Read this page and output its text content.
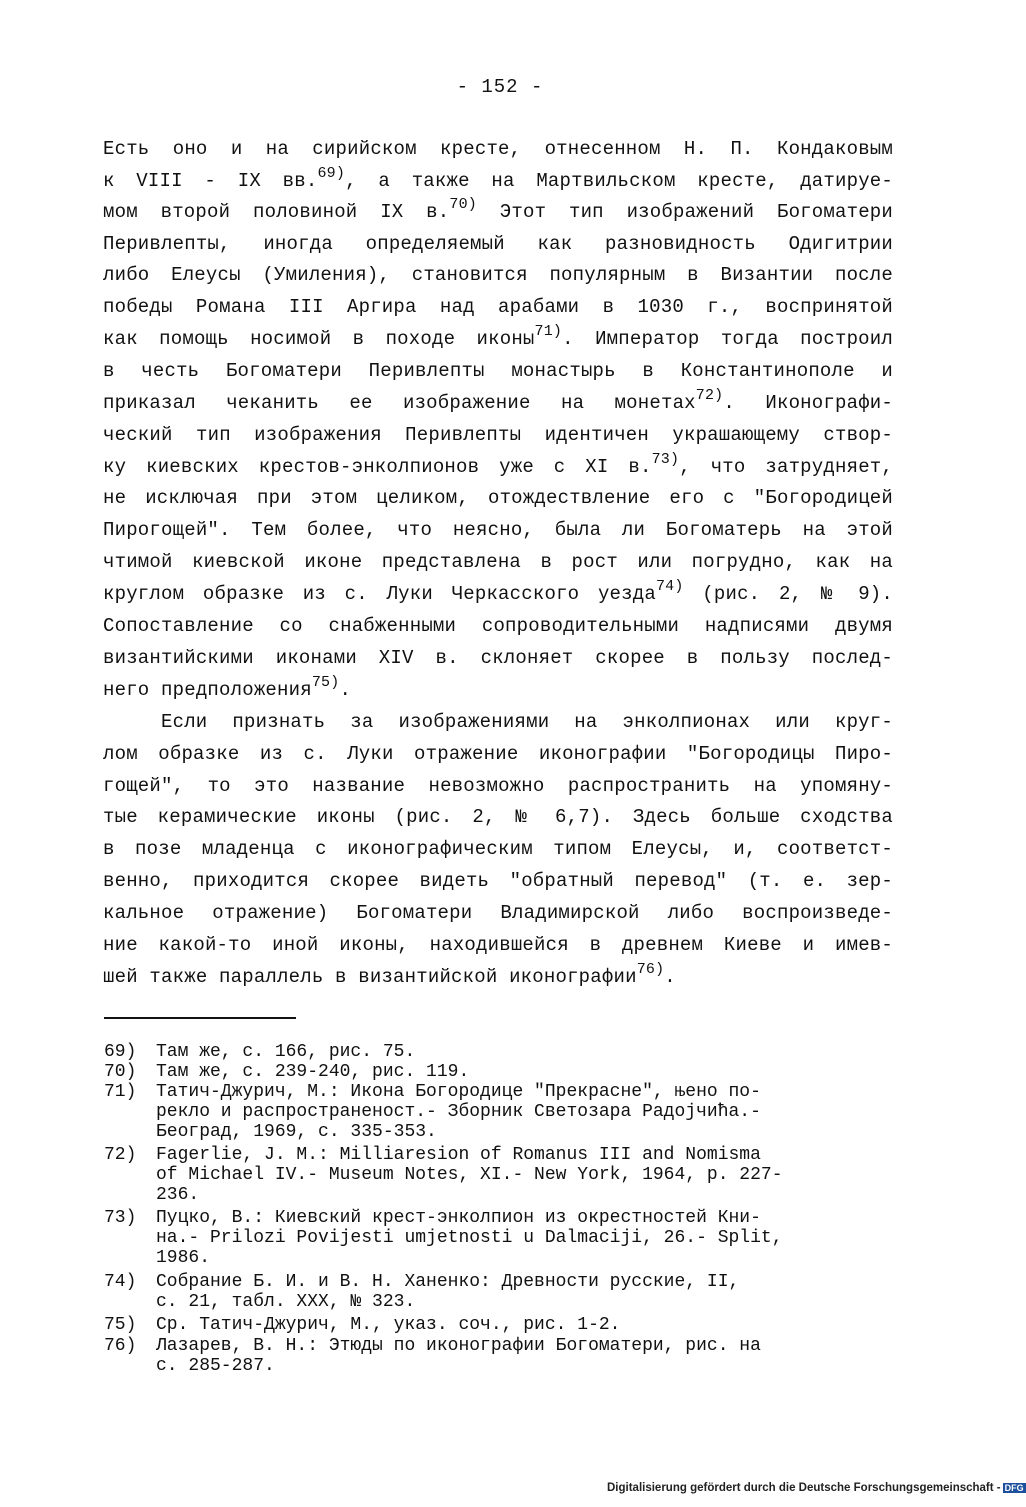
- 152 -

Есть оно и на сирийском кресте, отнесенном Н. П. Кондаковым

к VIII - IX вв.$^{69)}$, а также на Мартвильском кресте, датируе-

мом второй половиной IX в.$^{70)}$ Этот тип изображений Богоматери

Перивлепты, иногда определяемый как разновидность Одигитрии

либо Елеусы (Умиления), становится популярным в Византии после

победы Романа III Аргира над арабами в 1030 г., воспринятой

как помощь носимой в походе иконы$^{71)}$. Император тогда построил

в честь Богоматери Перивлепты монастырь в Константинополе и

приказал чеканить ее изображение на монетах$^{72)}$. Иконографи-

ческий тип изображения Перивлепты идентичен украшающему створ-

ку киевских крестов-энколпионов уже с XI в.$^{73)}$, что затрудняет,

не исключая при этом целиком, отождествление его с "Богородицей

Пирогощей". Тем более, что неясно, была ли Богоматерь на этой

чтимой киевской иконе представлена в рост или погрудно, как на

круглом образке из с. Луки Черкасского уезда$^{74)}$ (рис. 2, № 9).

Сопоставление со снабженными сопроводительными надписями двумя

византийскими иконами XIV в. склоняет скорее в пользу послед-

него предположения$^{75)}$.

Если признать за изображениями на энколпионах или круг-

лом образке из с. Луки отражение иконографии "Богородицы Пиро-

гощей", то это название невозможно распространить на упомяну-

тые керамические иконы (рис. 2, № 6,7). Здесь больше сходства

в позе младенца с иконографическим типом Елеусы, и, соответст-

венно, приходится скорее видеть "обратный перевод" (т. е. зер-

кальное отражение) Богоматери Владимирской либо воспроизведе-

ние какой-то иной иконы, находившейся в древнем Киеве и имев-

шей также параллель в византийской иконографии$^{76)}$.

69) Там же, с. 166, рис. 75.
70) Там же, с. 239-240, рис. 119.
71) Татич-Джурич, М.: Икона Богородице "Прекрасне", њено по-
рекло и распространеност.- Зборник Светозара Радојчића.-
Београд, 1969, с. 335-353.
72) Fagerlie, J. M.: Milliaresion of Romanus III and Nomisma
of Michael IV.- Museum Notes, XI.- New York, 1964, p. 227-
236.
73) Пуцко, В.: Киевский крест-энколпион из окрестностей Кни-
на.- Prilozi Povijesti umjetnosti u Dalmaciji, 26.- Split,
1986.
74) Собрание Б. И. и В. Н. Ханенко: Древности русские, II,
с. 21, табл. XXX, № 323.
75) Ср. Татич-Джурич, М., указ. соч., рис. 1-2.
76) Лазарев, В. Н.: Этюды по иконографии Богоматери, рис. на
с. 285-287.
Digitalisierung gefördert durch die Deutsche Forschungsgemeinschaft - DFG
